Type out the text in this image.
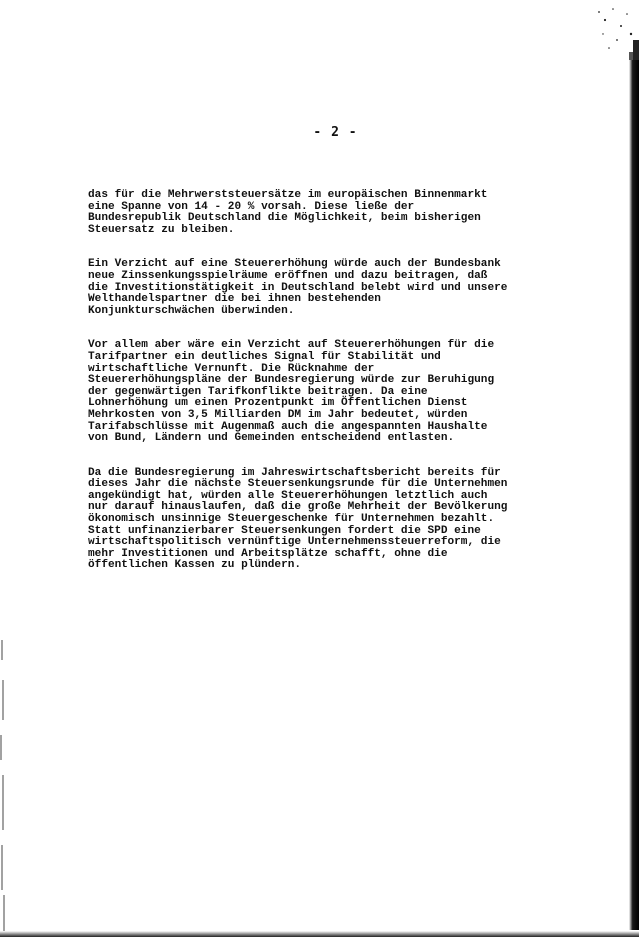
- 2 -

das für die Mehrwerststeuersätze im europäischen Binnenmarkt
eine Spanne von 14 - 20 % vorsah. Diese ließe der
Bundesrepublik Deutschland die Möglichkeit, beim bisherigen
Steuersatz zu bleiben.

Ein Verzicht auf eine Steuererhöhung würde auch der Bundesbank
neue Zinssenkungsspielräume eröffnen und dazu beitragen, daß
die Investitionstätigkeit in Deutschland belebt wird und unsere
Welthandelspartner die bei ihnen bestehenden
Konjunkturschwächen überwinden.

Vor allem aber wäre ein Verzicht auf Steuererhöhungen für die
Tarifpartner ein deutliches Signal für Stabilität und
wirtschaftliche Vernunft. Die Rücknahme der
Steuererhöhungspläne der Bundesregierung würde zur Beruhigung
der gegenwärtigen Tarifkonflikte beitragen. Da eine
Lohnerhöhung um einen Prozentpunkt im Öffentlichen Dienst
Mehrkosten von 3,5 Milliarden DM im Jahr bedeutet, würden
Tarifabschlüsse mit Augenmaß auch die angespannten Haushalte
von Bund, Ländern und Gemeinden entscheidend entlasten.

Da die Bundesregierung im Jahreswirtschaftsbericht bereits für
dieses Jahr die nächste Steuersenkungsrunde für die Unternehmen
angekündigt hat, würden alle Steuererhöhungen letztlich auch
nur darauf hinauslaufen, daß die große Mehrheit der Bevölkerung
ökonomisch unsinnige Steuergeschenke für Unternehmen bezahlt.
Statt unfinanzierbarer Steuersenkungen fordert die SPD eine
wirtschaftspolitisch vernünftige Unternehmenssteuerreform, die
mehr Investitionen und Arbeitsplätze schafft, ohne die
öffentlichen Kassen zu plündern.
